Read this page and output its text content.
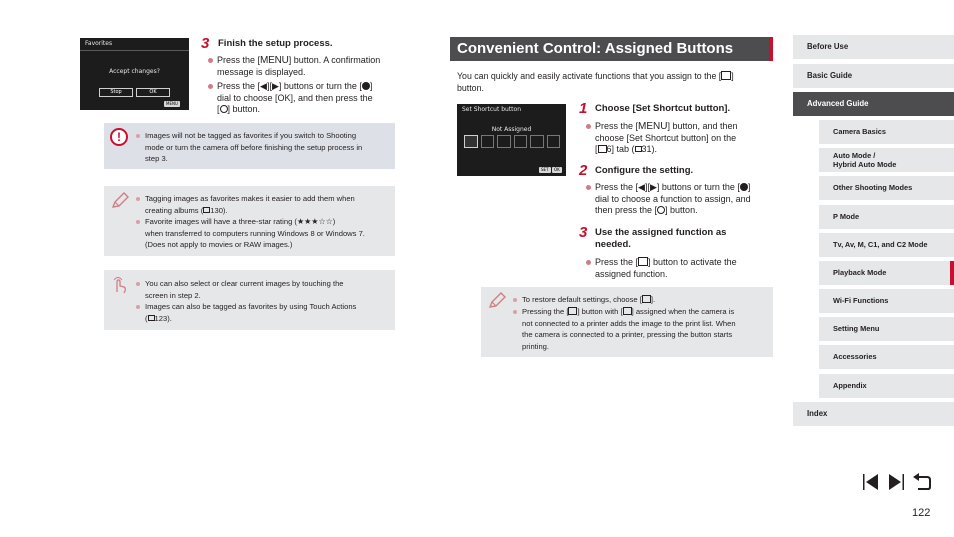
Favorites
Accept changes?
Stop	OK
MENU
3 Finish the setup process.
Press the [MENU] button. A confirmation
message is displayed.
Press the [◀][▶] buttons or turn the [ ]
dial to choose [OK], and then press the
[ ] button.
!	Images will not be tagged as favorites if you switch to Shooting
mode or turn the camera off before finishing the setup process in
step 3.
Tagging images as favorites makes it easier to add them when
creating albums ( 130).
Favorite images will have a three-star rating (★★★☆☆)
when transferred to computers running Windows 8 or Windows 7.
(Does not apply to movies or RAW images.)
You can also select or clear current images by touching the
screen in step 2.
Images can also be tagged as favorites by using Touch Actions
( 123).
Convenient Control: Assigned Buttons
You can quickly and easily activate functions that you assign to the [ ]
button.
Set Shortcut button
Not Assigned
SET	OK
1 Choose [Set Shortcut button].
Press the [MENU] button, and then
choose [Set Shortcut button] on the
[ 6] tab ( 31).
2 Configure the setting.
Press the [◀][▶] buttons or turn the [ ]
dial to choose a function to assign, and
then press the [ ] button.
3 Use the assigned function as
needed.
Press the [ ] button to activate the
assigned function.
To restore default settings, choose [ ].
Pressing the [ ] button with [ ] assigned when the camera is
not connected to a printer adds the image to the print list. When
the camera is connected to a printer, pressing the button starts
printing.
Before Use
Basic Guide
Advanced Guide
Camera Basics
Auto Mode /
Hybrid Auto Mode
Other Shooting Modes
P Mode
Tv, Av, M, C1, and C2 Mode
Playback Mode
Wi-Fi Functions
Setting Menu
Accessories
Appendix
Index
122
